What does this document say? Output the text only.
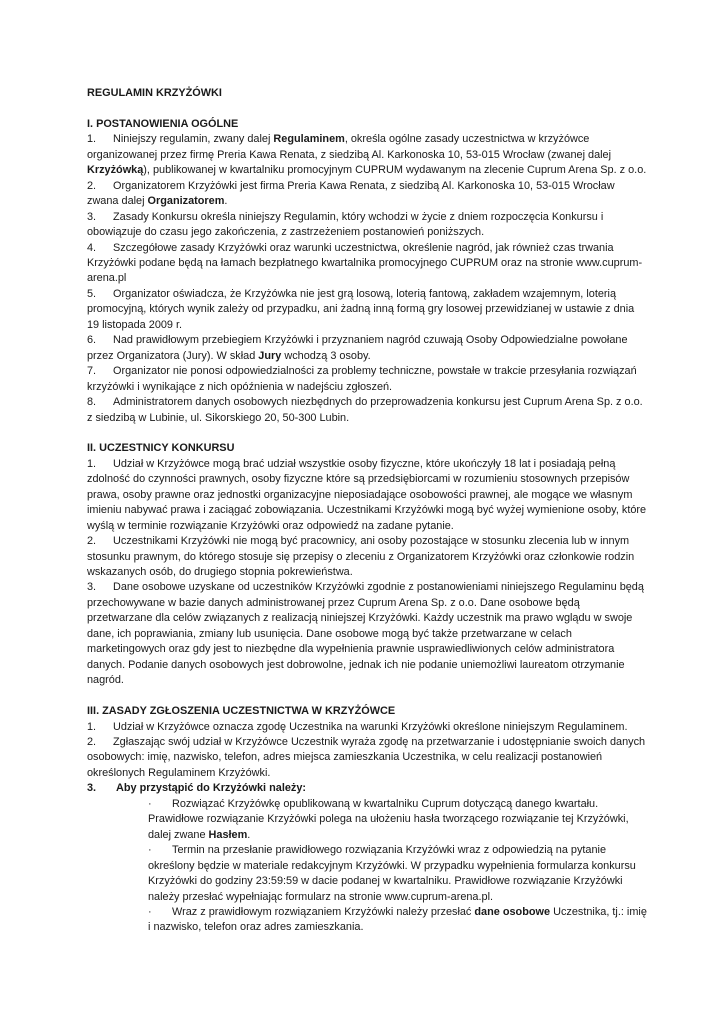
REGULAMIN KRZYŻÓWKI

I. POSTANOWIENIA OGÓLNE

1. Niniejszy regulamin, zwany dalej Regulaminem, określa ogólne zasady uczestnictwa w krzyżówce organizowanej przez firmę Preria Kawa Renata, z siedzibą Al. Karkonoska 10, 53-015 Wrocław (zwanej dalej Krzyżówką), publikowanej w kwartalniku promocyjnym CUPRUM wydawanym na zlecenie Cuprum Arena Sp. z o.o.

2. Organizatorem Krzyżówki jest firma Preria Kawa Renata, z siedzibą Al. Karkonoska 10, 53-015 Wrocław zwana dalej Organizatorem.

3. Zasady Konkursu określa niniejszy Regulamin, który wchodzi w życie z dniem rozpoczęcia Konkursu i obowiązuje do czasu jego zakończenia, z zastrzeżeniem postanowień poniższych.

4. Szczegółowe zasady Krzyżówki oraz warunki uczestnictwa, określenie nagród, jak również czas trwania Krzyżówki podane będą na łamach bezpłatnego kwartalnika promocyjnego CUPRUM oraz na stronie www.cuprum-arena.pl

5. Organizator oświadcza, że Krzyżówka nie jest grą losową, loterią fantową, zakładem wzajemnym, loterią promocyjną, których wynik zależy od przypadku, ani żadną inną formą gry losowej przewidzianej w ustawie z dnia 19 listopada 2009 r.

6. Nad prawidłowym przebiegiem Krzyżówki i przyznaniem nagród czuwają Osoby Odpowiedzialne powołane przez Organizatora (Jury). W skład Jury wchodzą 3 osoby.

7. Organizator nie ponosi odpowiedzialności za problemy techniczne, powstałe w trakcie przesyłania rozwiązań krzyżówki i wynikające z nich opóźnienia w nadejściu zgłoszeń.

8. Administratorem danych osobowych niezbędnych do przeprowadzenia konkursu jest Cuprum Arena Sp. z o.o. z siedzibą w Lubinie, ul. Sikorskiego 20, 50-300 Lubin.

II. UCZESTNICY KONKURSU

1. Udział w Krzyżówce mogą brać udział wszystkie osoby fizyczne, które ukończyły 18 lat i posiadają pełną zdolność do czynności prawnych, osoby fizyczne które są przedsiębiorcami w rozumieniu stosownych przepisów prawa, osoby prawne oraz jednostki organizacyjne nieposiadające osobowości prawnej, ale mogące we własnym imieniu nabywać prawa i zaciągać zobowiązania. Uczestnikami Krzyżówki mogą być wyżej wymienione osoby, które wyślą w terminie rozwiązanie Krzyżówki oraz odpowiedź na zadane pytanie.

2. Uczestnikami Krzyżówki nie mogą być pracownicy, ani osoby pozostające w stosunku zlecenia lub w innym stosunku prawnym, do którego stosuje się przepisy o zleceniu z Organizatorem Krzyżówki oraz członkowie rodzin wskazanych osób, do drugiego stopnia pokrewieństwa.

3. Dane osobowe uzyskane od uczestników Krzyżówki zgodnie z postanowieniami niniejszego Regulaminu będą przechowywane w bazie danych administrowanej przez Cuprum Arena Sp. z o.o. Dane osobowe będą przetwarzane dla celów związanych z realizacją niniejszej Krzyżówki. Każdy uczestnik ma prawo wglądu w swoje dane, ich poprawiania, zmiany lub usunięcia. Dane osobowe mogą być także przetwarzane w celach marketingowych oraz gdy jest to niezbędne dla wypełnienia prawnie usprawiedliwionych celów administratora danych. Podanie danych osobowych jest dobrowolne, jednak ich nie podanie uniemożliwi laureatom otrzymanie nagród.

III. ZASADY ZGŁOSZENIA UCZESTNICTWA W KRZYŻÓWCE

1. Udział w Krzyżówce oznacza zgodę Uczestnika na warunki Krzyżówki określone niniejszym Regulaminem.

2. Zgłaszając swój udział w Krzyżówce Uczestnik wyraża zgodę na przetwarzanie i udostępnianie swoich danych osobowych: imię, nazwisko, telefon, adres miejsca zamieszkania Uczestnika, w celu realizacji postanowień określonych Regulaminem Krzyżówki.

3. Aby przystąpić do Krzyżówki należy:

· Rozwiązać Krzyżówkę opublikowaną w kwartalniku Cuprum dotyczącą danego kwartału. Prawidłowe rozwiązanie Krzyżówki polega na ułożeniu hasła tworzącego rozwiązanie tej Krzyżówki, dalej zwane Hasłem.

· Termin na przesłanie prawidłowego rozwiązania Krzyżówki wraz z odpowiedzią na pytanie określony będzie w materiale redakcyjnym Krzyżówki. W przypadku wypełnienia formularza konkursu Krzyżówki do godziny 23:59:59 w dacie podanej w kwartalniku. Prawidłowe rozwiązanie Krzyżówki należy przesłać wypełniając formularz na stronie www.cuprum-arena.pl.

· Wraz z prawidłowym rozwiązaniem Krzyżówki należy przesłać dane osobowe Uczestnika, tj.: imię i nazwisko, telefon oraz adres zamieszkania.
